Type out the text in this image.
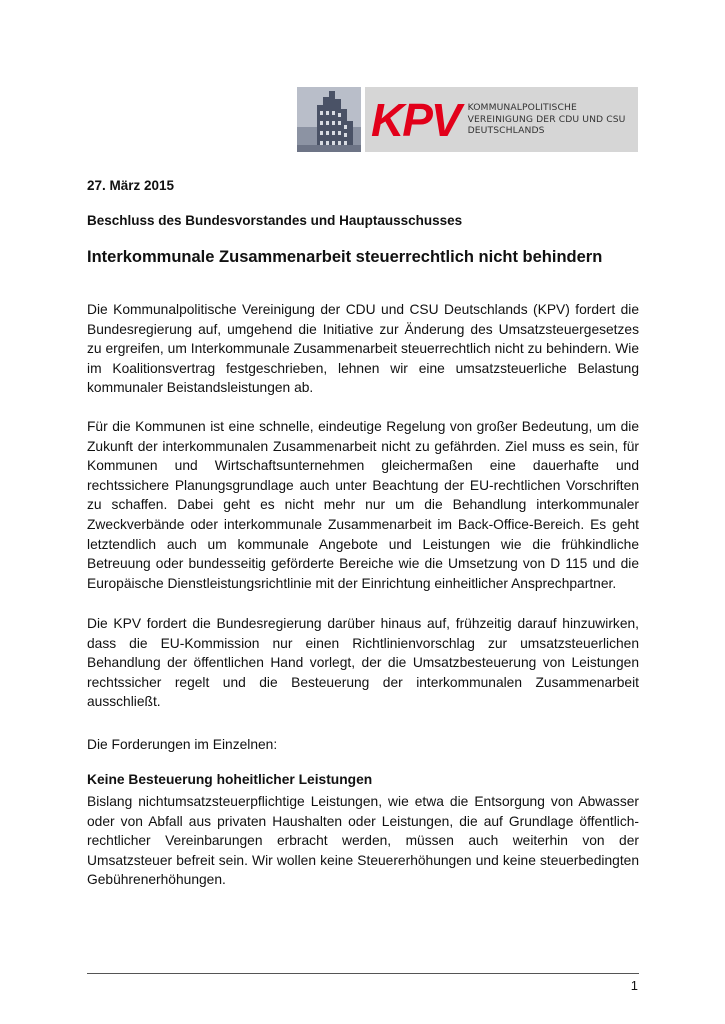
KPV KOMMUNALPOLITISCHE
VEREINIGUNG DER CDU UND CSU
DEUTSCHLANDS
27. März 2015
Beschluss des Bundesvorstandes und Hauptausschusses
Interkommunale Zusammenarbeit steuerrechtlich nicht behindern

Die Kommunalpolitische Vereinigung der CDU und CSU Deutschlands (KPV) fordert die Bundesregierung auf, umgehend die Initiative zur Änderung des Umsatzsteuergesetzes zu ergreifen, um Interkommunale Zusammenarbeit steuerrechtlich nicht zu behindern. Wie im Koalitionsvertrag festgeschrieben, lehnen wir eine umsatzsteuerliche Belastung kommunaler Beistandsleistungen ab.

Für die Kommunen ist eine schnelle, eindeutige Regelung von großer Bedeutung, um die Zukunft der interkommunalen Zusammenarbeit nicht zu gefährden. Ziel muss es sein, für Kommunen und Wirtschaftsunternehmen gleichermaßen eine dauerhafte und rechtssichere Planungsgrundlage auch unter Beachtung der EU-rechtlichen Vorschriften zu schaffen. Dabei geht es nicht mehr nur um die Behandlung interkommunaler Zweckverbände oder interkommunale Zusammenarbeit im Back-Office-Bereich. Es geht letztendlich auch um kommunale Angebote und Leistungen wie die frühkindliche Betreuung oder bundesseitig geförderte Bereiche wie die Umsetzung von D 115 und die Europäische Dienstleistungsrichtlinie mit der Einrichtung einheitlicher Ansprechpartner.

Die KPV fordert die Bundesregierung darüber hinaus auf, frühzeitig darauf hinzuwirken, dass die EU-Kommission nur einen Richtlinienvorschlag zur umsatzsteuerlichen Behandlung der öffentlichen Hand vorlegt, der die Umsatzbesteuerung von Leistungen rechtssicher regelt und die Besteuerung der interkommunalen Zusammenarbeit ausschließt.

Die Forderungen im Einzelnen:

Keine Besteuerung hoheitlicher Leistungen

Bislang nichtumsatzsteuerpflichtige Leistungen, wie etwa die Entsorgung von Abwasser oder von Abfall aus privaten Haushalten oder Leistungen, die auf Grundlage öffentlich-rechtlicher Vereinbarungen erbracht werden, müssen auch weiterhin von der Umsatzsteuer befreit sein. Wir wollen keine Steuererhöhungen und keine steuerbedingten Gebührenerhöhungen.

1
